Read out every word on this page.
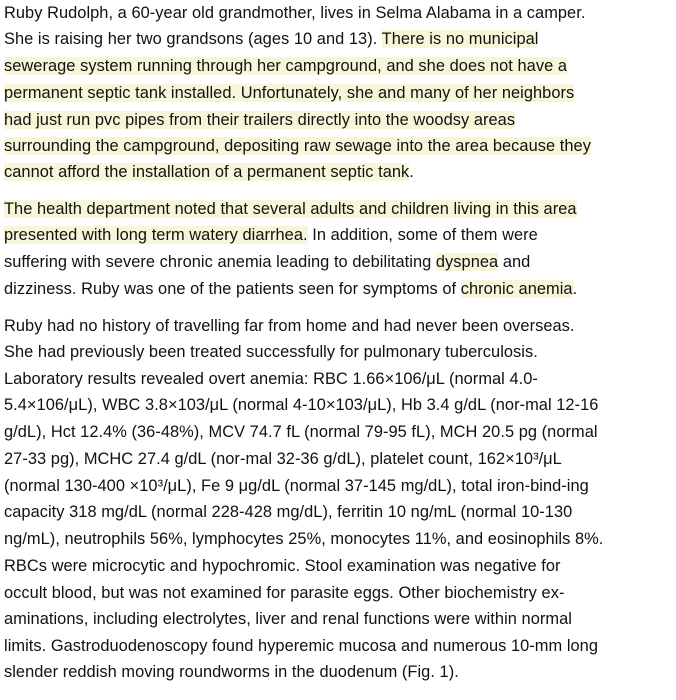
Ruby Rudolph, a 60-year old grandmother, lives in Selma Alabama in a camper.
She is raising her two grandsons (ages 10 and 13). There is no municipal
sewerage system running through her campground, and she does not have a
permanent septic tank installed. Unfortunately, she and many of her neighbors
had just run pvc pipes from their trailers directly into the woodsy areas
surrounding the campground, depositing raw sewage into the area because they
cannot afford the installation of a permanent septic tank.
The health department noted that several adults and children living in this area
presented with long term watery diarrhea. In addition, some of them were
suffering with severe chronic anemia leading to debilitating dyspnea and
dizziness. Ruby was one of the patients seen for symptoms of chronic anemia.
Ruby had no history of travelling far from home and had never been overseas.
She had previously been treated successfully for pulmonary tuberculosis.
Laboratory results revealed overt anemia: RBC 1.66×106/μL (normal 4.0-
5.4×106/μL), WBC 3.8×103/μL (normal 4-10×103/μL), Hb 3.4 g/dL (nor-mal 12-16
g/dL), Hct 12.4% (36-48%), MCV 74.7 fL (normal 79-95 fL), MCH 20.5 pg (normal
27-33 pg), MCHC 27.4 g/dL (nor-mal 32-36 g/dL), platelet count, 162×10³/μL
(normal 130-400 ×10³/μL), Fe 9 μg/dL (normal 37-145 mg/dL), total iron-bind-ing
capacity 318 mg/dL (normal 228-428 mg/dL), ferritin 10 ng/mL (normal 10-130
ng/mL), neutrophils 56%, lymphocytes 25%, monocytes 11%, and eosinophils 8%.
RBCs were microcytic and hypochromic. Stool examination was negative for
occult blood, but was not examined for parasite eggs. Other biochemistry ex-
aminations, including electrolytes, liver and renal functions were within normal
limits. Gastroduodenoscopy found hyperemic mucosa and numerous 10-mm long
slender reddish moving roundworms in the duodenum (Fig. 1).
